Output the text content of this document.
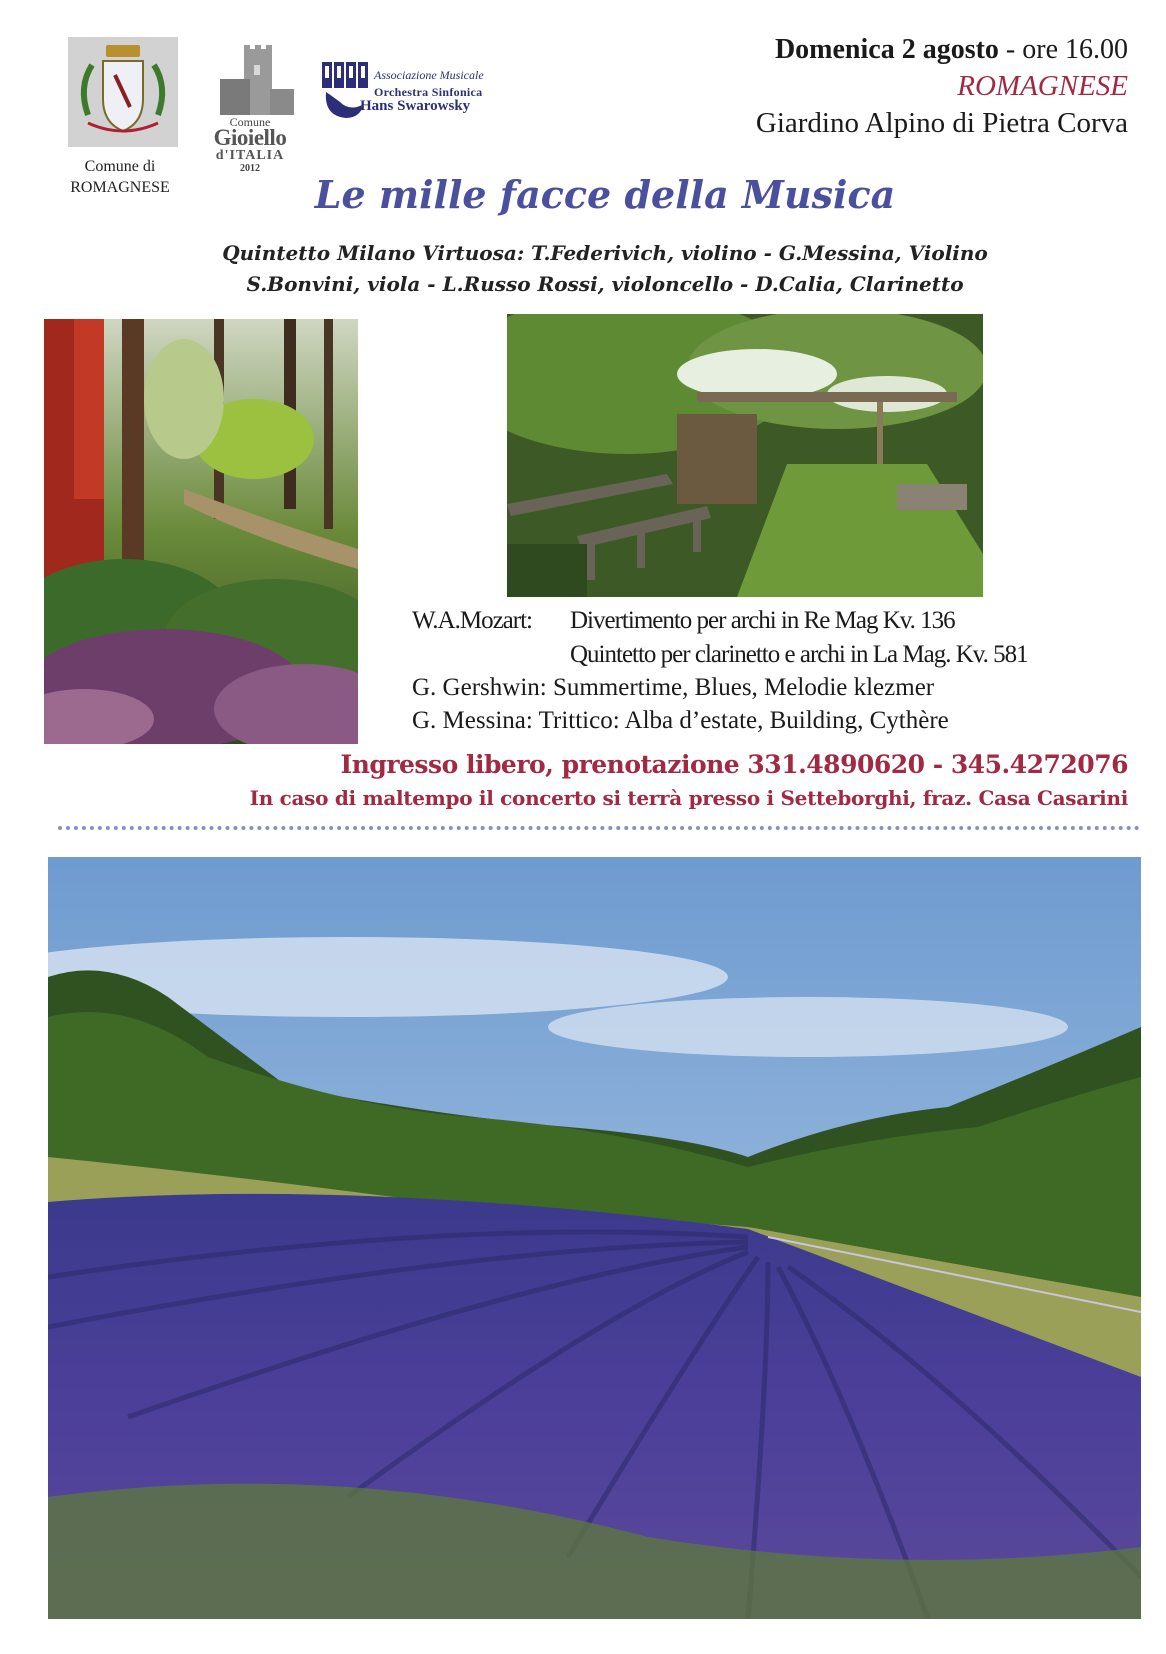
Comune di
ROMAGNESE
Comune
Gioiello
d'ITALIA
2012
Associazione Musicale
Orchestra Sinfonica
Hans Swarowsky
Domenica 2 agosto - ore 16.00
ROMAGNESE
Giardino Alpino di Pietra Corva
Le mille facce della Musica
Quintetto Milano Virtuosa: T.Federivich, violino - G.Messina, Violino
S.Bonvini, viola - L.Russo Rossi, violoncello - D.Calia, Clarinetto
W.A.Mozart: Divertimento per archi in Re Mag Kv. 136
Quintetto per clarinetto e archi in La Mag. Kv. 581
G. Gershwin: Summertime, Blues, Melodie klezmer
G. Messina: Trittico: Alba d’estate, Building, Cythère
Ingresso libero, prenotazione 331.4890620 - 345.4272076
In caso di maltempo il concerto si terrà presso i Setteborghi, fraz. Casa Casarini
